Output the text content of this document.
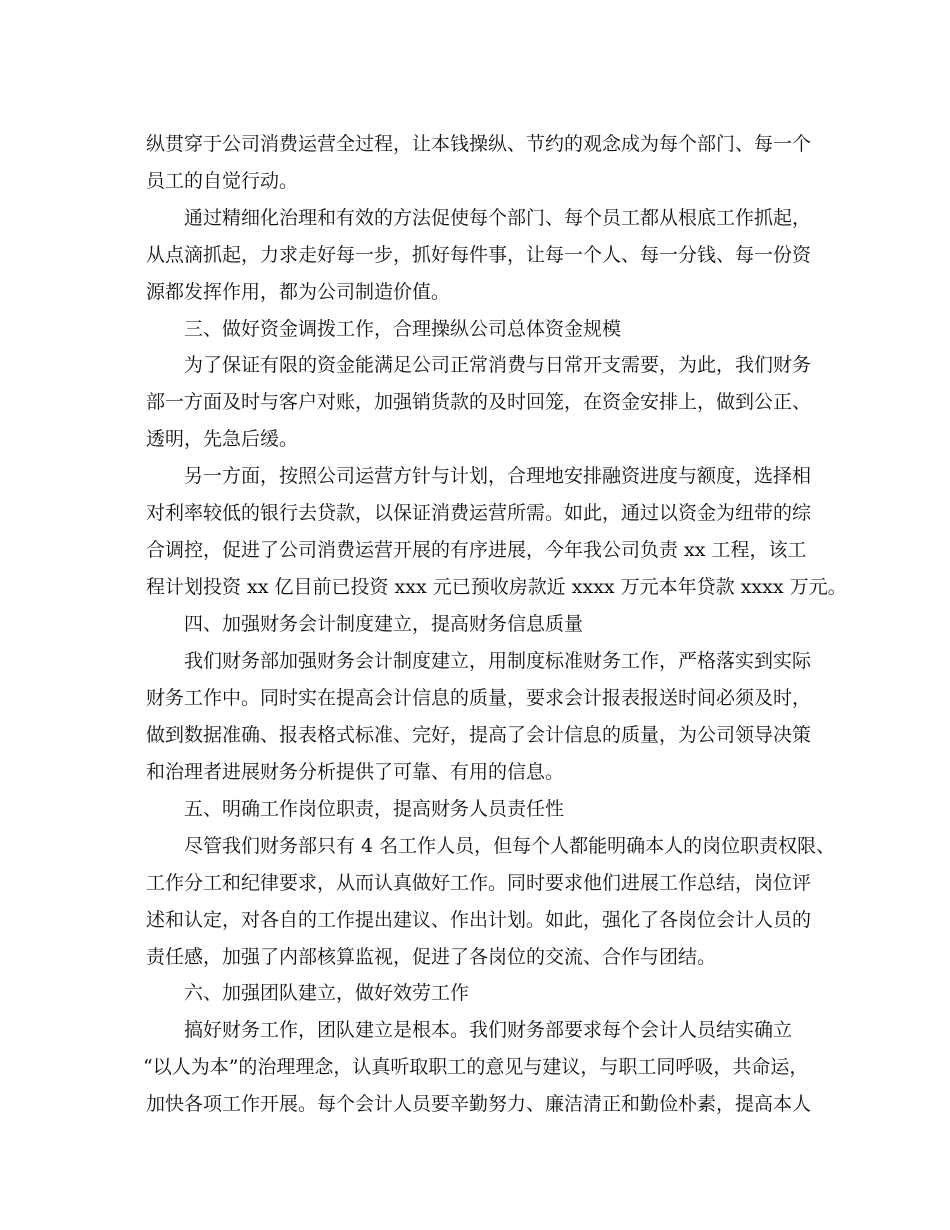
纵贯穿于公司消费运营全过程，让本钱操纵、节约的观念成为每个部门、每一个
员工的自觉行动。
通过精细化治理和有效的方法促使每个部门、每个员工都从根底工作抓起，
从点滴抓起，力求走好每一步，抓好每件事，让每一个人、每一分钱、每一份资
源都发挥作用，都为公司制造价值。
三、做好资金调拨工作，合理操纵公司总体资金规模
为了保证有限的资金能满足公司正常消费与日常开支需要，为此，我们财务
部一方面及时与客户对账，加强销货款的及时回笼，在资金安排上，做到公正、
透明，先急后缓。
另一方面，按照公司运营方针与计划，合理地安排融资进度与额度，选择相
对利率较低的银行去贷款，以保证消费运营所需。如此，通过以资金为纽带的综
合调控，促进了公司消费运营开展的有序进展，今年我公司负责 xx 工程，该工
程计划投资 xx 亿目前已投资 xxx 元已预收房款近 xxxx 万元本年贷款 xxxx 万元。
四、加强财务会计制度建立，提高财务信息质量
我们财务部加强财务会计制度建立，用制度标准财务工作，严格落实到实际
财务工作中。同时实在提高会计信息的质量，要求会计报表报送时间必须及时，
做到数据准确、报表格式标准、完好，提高了会计信息的质量，为公司领导决策
和治理者进展财务分析提供了可靠、有用的信息。
五、明确工作岗位职责，提高财务人员责任性
尽管我们财务部只有 4 名工作人员，但每个人都能明确本人的岗位职责权限、
工作分工和纪律要求，从而认真做好工作。同时要求他们进展工作总结，岗位评
述和认定，对各自的工作提出建议、作出计划。如此，强化了各岗位会计人员的
责任感，加强了内部核算监视，促进了各岗位的交流、合作与团结。
六、加强团队建立，做好效劳工作
搞好财务工作，团队建立是根本。我们财务部要求每个会计人员结实确立
“以人为本”的治理理念，认真听取职工的意见与建议，与职工同呼吸，共命运，
加快各项工作开展。每个会计人员要辛勤努力、廉洁清正和勤俭朴素，提高本人
